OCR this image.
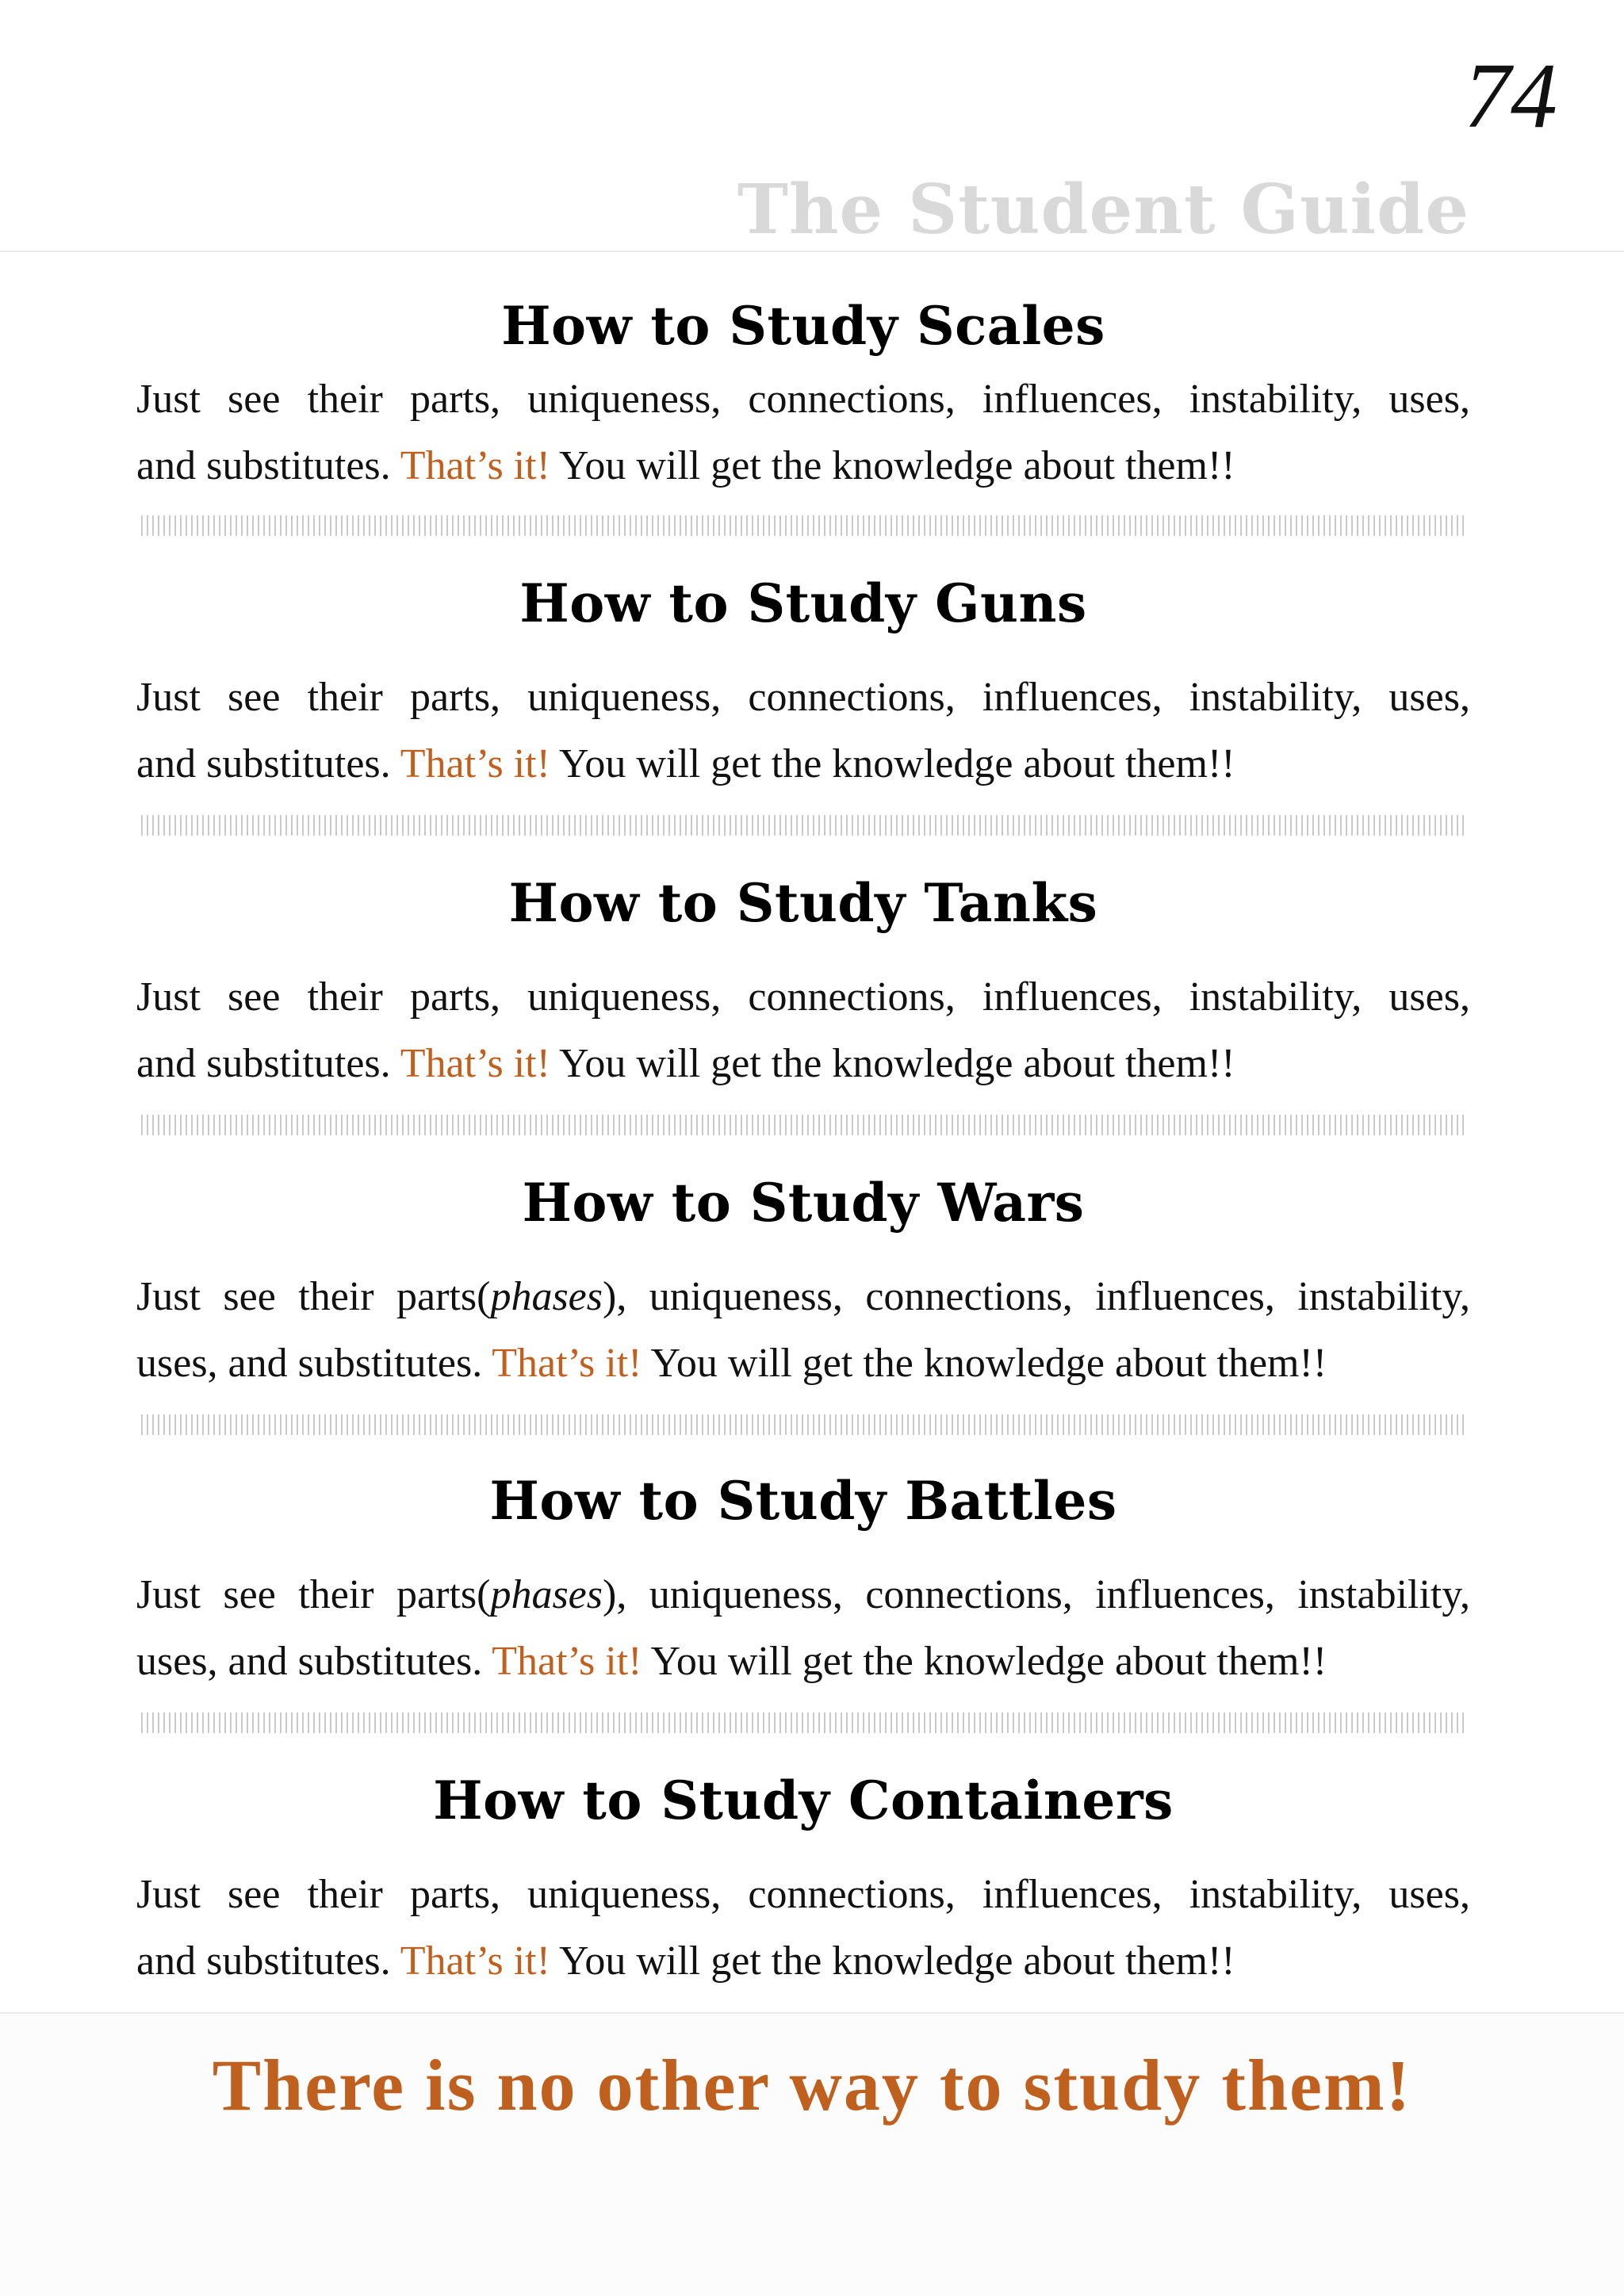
74
The Student Guide
How to Study Scales

Just see their parts, uniqueness, connections, influences, instability, uses,
and substitutes. That’s it! You will get the knowledge about them!!

How to Study Guns

Just see their parts, uniqueness, connections, influences, instability, uses,
and substitutes. That’s it! You will get the knowledge about them!!

How to Study Tanks

Just see their parts, uniqueness, connections, influences, instability, uses,
and substitutes. That’s it! You will get the knowledge about them!!

How to Study Wars

Just see their parts(phases), uniqueness, connections, influences, instability,
uses, and substitutes. That’s it! You will get the knowledge about them!!

How to Study Battles

Just see their parts(phases), uniqueness, connections, influences, instability,
uses, and substitutes. That’s it! You will get the knowledge about them!!

How to Study Containers

Just see their parts, uniqueness, connections, influences, instability, uses,
and substitutes. That’s it! You will get the knowledge about them!!

There is no other way to study them!
